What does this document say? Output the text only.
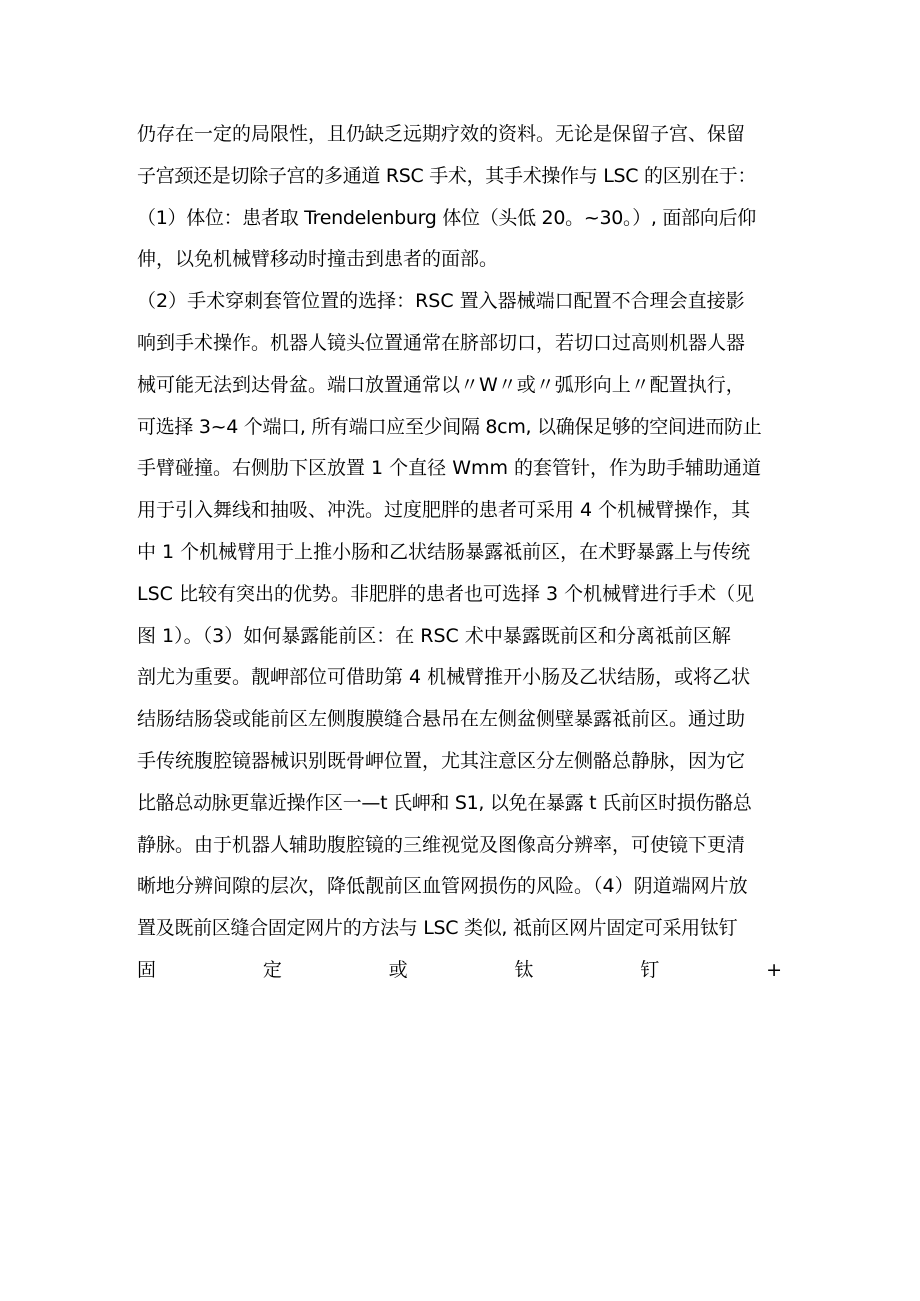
仍存在一定的局限性，且仍缺乏远期疗效的资料。无论是保留子宫、保留
子宫颈还是切除子宫的多通道 RSC 手术，其手术操作与 LSC 的区别在于：
（1）体位：患者取 Trendelenburg 体位（头低 20。~30。）, 面部向后仰
伸，以免机械臂移动时撞击到患者的面部。
（2）手术穿刺套管位置的选择：RSC 置入器械端口配置不合理会直接影
响到手术操作。机器人镜头位置通常在脐部切口，若切口过高则机器人器
械可能无法到达骨盆。端口放置通常以〃W〃或〃弧形向上〃配置执行，
可选择 3~4 个端口, 所有端口应至少间隔 8cm, 以确保足够的空间进而防止
手臂碰撞。右侧肋下区放置 1 个直径 Wmm 的套管针，作为助手辅助通道
用于引入舞线和抽吸、冲洗。过度肥胖的患者可采用 4 个机械臂操作，其
中 1 个机械臂用于上推小肠和乙状结肠暴露祗前区，在术野暴露上与传统
LSC 比较有突出的优势。非肥胖的患者也可选择 3 个机械臂进行手术（见
图 1）。（3）如何暴露能前区：在 RSC 术中暴露既前区和分离祗前区解
剖尤为重要。靓岬部位可借助第 4 机械臂推开小肠及乙状结肠，或将乙状
结肠结肠袋或能前区左侧腹膜缝合悬吊在左侧盆侧壁暴露祗前区。通过助
手传统腹腔镜器械识别既骨岬位置，尤其注意区分左侧骼总静脉，因为它
比骼总动脉更靠近操作区一—t 氏岬和 S1, 以免在暴露 t 氏前区时损伤骼总
静脉。由于机器人辅助腹腔镜的三维视觉及图像高分辨率，可使镜下更清
晰地分辨间隙的层次，降低靓前区血管网损伤的风险。（4）阴道端网片放
置及既前区缝合固定网片的方法与 LSC 类似, 祗前区网片固定可采用钛钉
固	定	或	钛	钉	+
